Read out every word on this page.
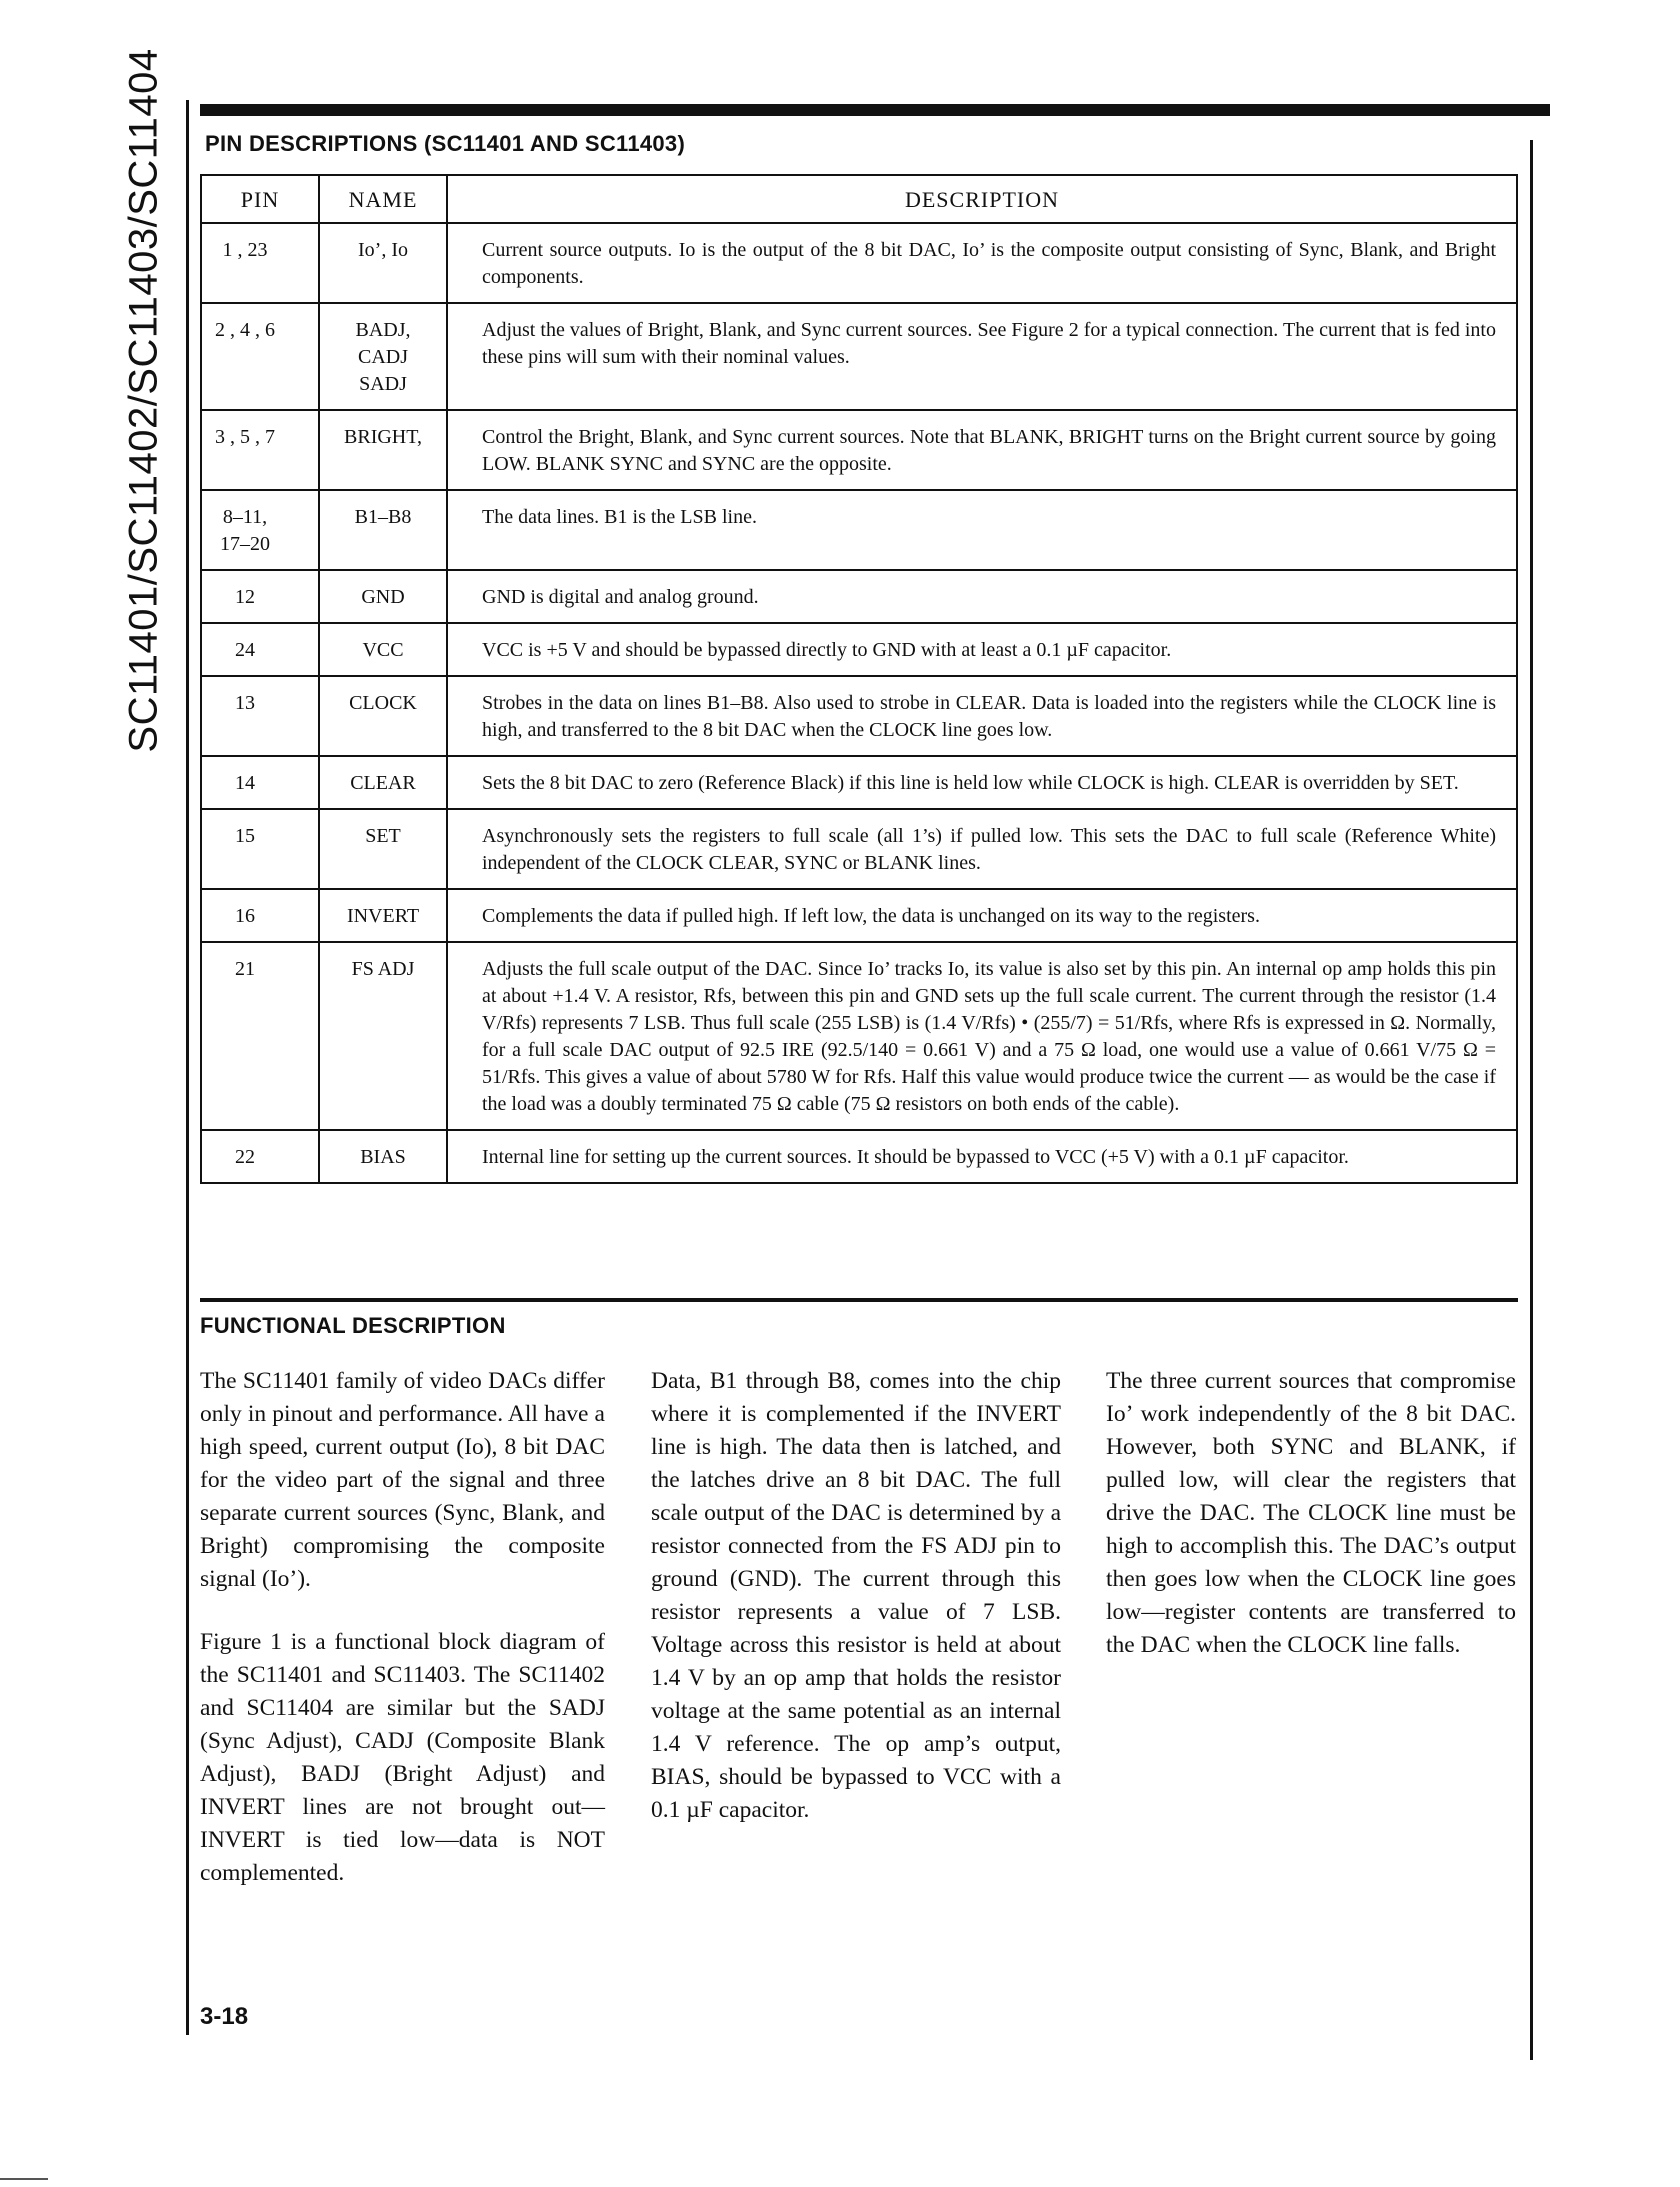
SC11401/SC11402/SC11403/SC11404 PIN DESCRIPTIONS (SC11401 AND SC11403)
PIN	NAME	DESCRIPTION
1 , 23	Io’, Io	Current source outputs. Io is the output of the 8 bit DAC, Io’ is the composite output consisting of Sync, Blank, and Bright components.
2 , 4 , 6	BADJ, CADJ SADJ	Adjust the values of Bright, Blank, and Sync current sources. See Figure 2 for a typical connection. The current that is fed into these pins will sum with their nominal values.
3 , 5 , 7	BRIGHT,	Control the Bright, Blank, and Sync current sources. Note that BLANK, BRIGHT turns on the Bright current source by going LOW. BLANK SYNC and SYNC are the opposite.
8–11, 17–20	B1–B8	The data lines. B1 is the LSB line.
12	GND	GND is digital and analog ground.
24	VCC	VCC is +5 V and should be bypassed directly to GND with at least a 0.1 µF capacitor.
13	CLOCK	Strobes in the data on lines B1–B8. Also used to strobe in CLEAR. Data is loaded into the registers while the CLOCK line is high, and transferred to the 8 bit DAC when the CLOCK line goes low.
14	CLEAR	Sets the 8 bit DAC to zero (Reference Black) if this line is held low while CLOCK is high. CLEAR is overridden by SET.
15	SET	Asynchronously sets the registers to full scale (all 1’s) if pulled low. This sets the DAC to full scale (Reference White) independent of the CLOCK CLEAR, SYNC or BLANK lines.
16	INVERT	Complements the data if pulled high. If left low, the data is unchanged on its way to the registers.
21	FS ADJ	Adjusts the full scale output of the DAC. Since Io’ tracks Io, its value is also set by this pin. An internal op amp holds this pin at about +1.4 V. A resistor, Rfs, between this pin and GND sets up the full scale current. The current through the resistor (1.4 V/Rfs) represents 7 LSB. Thus full scale (255 LSB) is (1.4 V/Rfs) • (255/7) = 51/Rfs, where Rfs is expressed in Ω. Normally, for a full scale DAC output of 92.5 IRE (92.5/140 = 0.661 V) and a 75 Ω load, one would use a value of 0.661 V/75 Ω = 51/Rfs. This gives a value of about 5780 W for Rfs. Half this value would produce twice the current — as would be the case if the load was a doubly terminated 75 Ω cable (75 Ω resistors on both ends of the cable).
22	BIAS	Internal line for setting up the current sources. It should be bypassed to VCC (+5 V) with a 0.1 µF capacitor.
FUNCTIONAL DESCRIPTION

The SC11401 family of video DACs differ only in pinout and performance. All have a high speed, current output (Io), 8 bit DAC for the video part of the signal and three separate current sources (Sync, Blank, and Bright) compromising the composite signal (Io’).

Figure 1 is a functional block diagram of the SC11401 and SC11403. The SC11402 and SC11404 are similar but the SADJ (Sync Adjust), CADJ (Composite Blank Adjust), BADJ (Bright Adjust) and INVERT lines are not brought out—INVERT is tied low—data is NOT complemented.

Data, B1 through B8, comes into the chip where it is complemented if the INVERT line is high. The data then is latched, and the latches drive an 8 bit DAC. The full scale output of the DAC is determined by a resistor connected from the FS ADJ pin to ground (GND). The current through this resistor represents a value of 7 LSB. Voltage across this resistor is held at about 1.4 V by an op amp that holds the resistor voltage at the same potential as an internal 1.4 V reference. The op amp’s output, BIAS, should be bypassed to VCC with a 0.1 µF capacitor.

The three current sources that compromise Io’ work independently of the 8 bit DAC. However, both SYNC and BLANK, if pulled low, will clear the registers that drive the DAC. The CLOCK line must be high to accomplish this. The DAC’s output then goes low when the CLOCK line goes low—register contents are transferred to the DAC when the CLOCK line falls.

3-18
